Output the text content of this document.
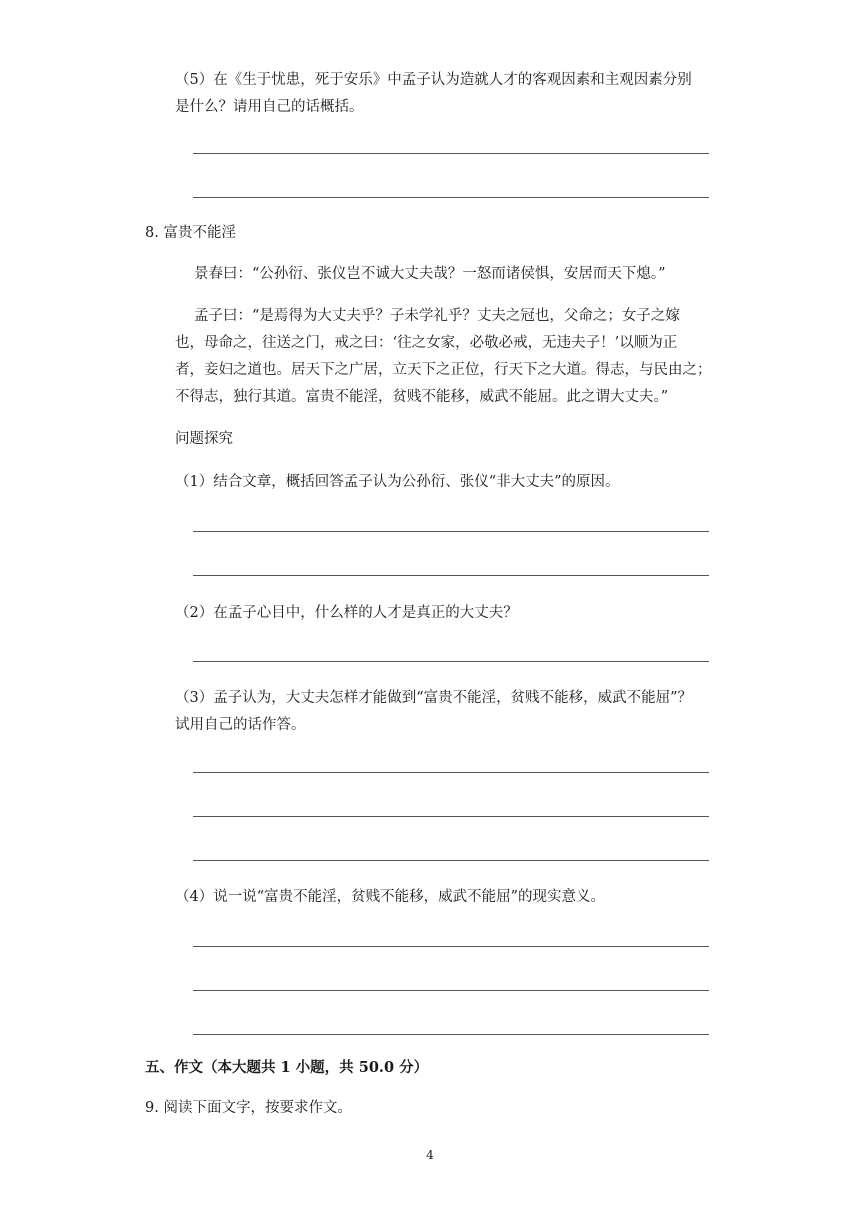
（5）在《生于忧患，死于安乐》中孟子认为造就人才的客观因素和主观因素分别

是什么？请用自己的话概括。

8. 富贵不能淫

景春曰：“公孙衍、张仪岂不诚大丈夫哉？一怒而诸侯惧，安居而天下熄。”

孟子曰：“是焉得为大丈夫乎？子未学礼乎？丈夫之冠也，父命之；女子之嫁

也，母命之，往送之门，戒之曰：‘往之女家，必敬必戒，无违夫子！’以顺为正

者，妾妇之道也。居天下之广居，立天下之正位，行天下之大道。得志，与民由之；

不得志，独行其道。富贵不能淫，贫贱不能移，威武不能屈。此之谓大丈夫。”

问题探究

（1）结合文章，概括回答孟子认为公孙衍、张仪“非大丈夫”的原因。

（2）在孟子心目中，什么样的人才是真正的大丈夫？

（3）孟子认为，大丈夫怎样才能做到“富贵不能淫，贫贱不能移，威武不能屈”？

试用自己的话作答。

（4）说一说“富贵不能淫，贫贱不能移，威武不能屈”的现实意义。

五、作文（本大题共 1 小题，共 50.0 分）

9. 阅读下面文字，按要求作文。

4
